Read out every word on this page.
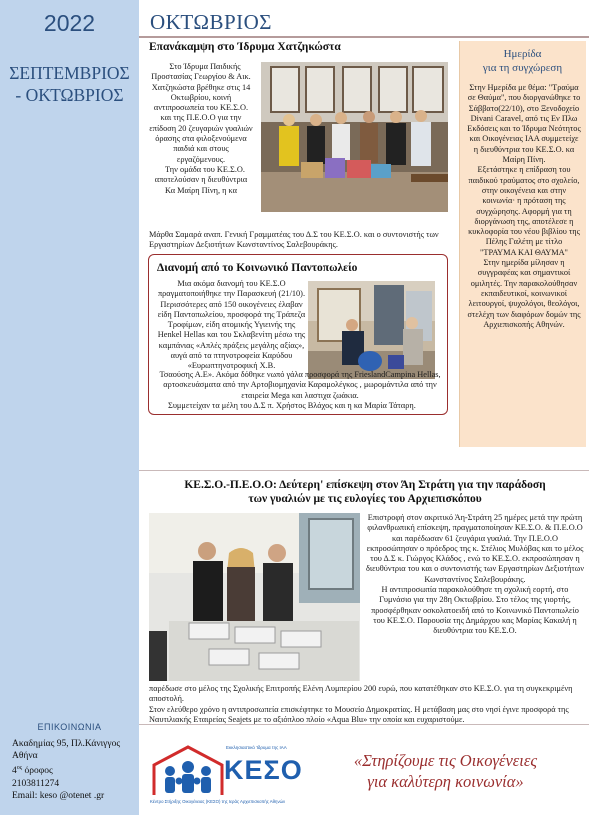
2022
ΣΕΠΤΕΜΒΡΙΟΣ
- ΟΚΤΩΒΡΙΟΣ
ΕΠΙΚΟΙΝΩΝΙΑ
Ακαδημίας 95, Πλ.Κάνιγγος
Αθήνα
$4^{o\varsigma}$ όροφος
2103811274
Email: keso @otenet .gr
ΟΚΤΩΒΡΙΟΣ
Επανάκαμψη στο Ίδρυμα Χατζηκώστα

Στο Ίδρυμα Παιδικής Προστασίας Γεωργίου & Αικ. Χατζηκώστα βρέθηκε στις 14 Οκτωβρίου, κοινή αντιπροσωπεία του ΚΕ.Σ.Ο. και της Π.Ε.Ο.Ο για την επίδοση 20 ζευγαριών γυαλιών όρασης στα φιλοξενούμενα παιδιά και στους εργαζόμενους.

Την ομάδα του ΚΕ.Σ.Ο. αποτελούσαν η διευθύντρια Κα Μαίρη Πίνη, η κα

Μάρθα Σαμαρά αναπ. Γενική Γραμματέας του Δ.Σ του ΚΕ.Σ.Ο. και ο συντονιστής των Εργαστηρίων Δεξιοτήτων Κωνσταντίνος Σαλεβουράκης.
Διανομή από το Κοινωνικό Παντοπωλείο
Μια ακόμα διανομή του ΚΕ.Σ.Ο πραγματοποιήθηκε την Παρασκευή (21/10). Περισσότερες από 150 οικογένειες έλαβαν είδη Παντοπωλείου, προσφορά της Τράπεζα Τροφίμων, είδη ατομικής Υγιεινής της Henkel Hellas και του Σκλαβενίτη μέσω της καμπάνιας «Απλές πράξεις μεγάλης αξίας», αυγά από τα πτηνοτροφεία Καρύδου «Ευρωπτηνοτροφική Χ.Β.
Τσαούσης Α.Ε». Ακόμα δόθηκε νωπό γάλα προσφορά της FrieslandCampina Hellas, αρτοσκευάσματα από την Αρτοβιομηχανία Καραμολέγκος , μωρομάντιλα από την εταιρεία Mega και λαστιχα ζωάκια.
Συμμετείχαν τα μέλη του Δ.Σ π. Χρήστος Βλάχος και η κα Μαρία Τάταρη.
Ημερίδα
για τη συγχώρεση

Στην Ημερίδα με θέμα: "Τραύμα σε Θαύμα", που διοργανώθηκε το Σάββατο(22/10), στο Ξενοδοχείο Divani Caravel, από τις Εν Πλω Εκδόσεις και το Ίδρυμα Νεότητος και Οικογένειας ΙΑΑ συμμετείχε η διευθύντρια του ΚΕ.Σ.Ο. κα Μαίρη Πίνη.

Εξετάστηκε η επίδραση του παιδικού τραύματος στο σχολείο, στην οικογένεια και στην κοινωνία· η πρόταση της συγχώρησης. Αφορμή για τη διοργάνωση της, αποτέλεσε η κυκλοφορία του νέου βιβλίου της Πέλης Γαλέτη με τίτλο "ΤΡΑΥΜΑ ΚΑΙ ΘΑΥΜΑ"

Στην ημερίδα μίλησαν η συγγραφέας και σημαντικοί ομιλητές. Την παρακολούθησαν εκπαιδευτικοί, κοινωνικοί λειτουργοί, ψυχολόγοι, θεολόγοι, στελέχη των διαφόρων δομών της Αρχιεπισκοπής Αθηνών.

ΚΕ.Σ.Ο.-Π.Ε.Ο.Ο: Δεύτερη' επίσκεψη στον Άη Στράτη για την παράδοση
των γυαλιών με τις ευλογίες του Αρχιεπισκόπου

Επιστροφή στον ακριτικό Άη-Στράτη 25 ημέρες μετά την πρώτη φιλανθρωπική επίσκεψη, πραγματοποίησαν ΚΕ.Σ.Ο. & Π.Ε.Ο.Ο και παρέδωσαν 61 ζευγάρια γυαλιά. Την Π.Ε.Ο.Ο εκπροσώπησαν ο πρόεδρος της κ. Στέλιος Μυλόβας και το μέλος του Δ.Σ κ. Γιώργος Κλάδος , ενώ το ΚΕ.Σ.Ο. εκπροσώπησαν η διευθύντρια του και ο συντονιστής των Εργαστηρίων Δεξιοτήτων Κωνσταντίνος Σαλεβουράκης.

Η αντιπροσωπία παρακολούθησε τη σχολική εορτή, στο Γυμνάσιο για την 28η Οκτωβρίου. Στο τέλος της γιορτής, προσφέρθηκαν οσκολατοειδή από το Κοινωνικό Παντοπωλείο του ΚΕ.Σ.Ο. Παρουσία της Δημάρχου κας Μαρίας Κακαλή η διευθύντρια του ΚΕ.Σ.Ο.

παρέδωσε στο μέλος της Σχολικής Επιτροπής Ελένη Λυμπερίου 200 ευρώ, που κατατέθηκαν στο ΚΕ.Σ.Ο. για τη συγκεκριμένη αποστολή.

Στον ελεύθερο χρόνο η αντιπροσωπεία επισκέφτηκε το Μουσείο Δημοκρατίας. Η μετάβαση μας στο νησί έγινε προσφορά της Ναυτιλιακής Εταιρείας Seajets με το αξιόπλοο πλοίο «Aqua Blu» την οποία και ευχαριστούμε.

Εκκλησιαστικό Ίδρυμα της ΙΑΑ
ΚΕΣΟ
Κέντρο Στήριξης Οικογένειας (ΚΕΣΟ) της Ιεράς Αρχιεπισκοπής Αθηνών
«Στηρίζουμε τις Οικογένειες
για καλύτερη κοινωνία»
